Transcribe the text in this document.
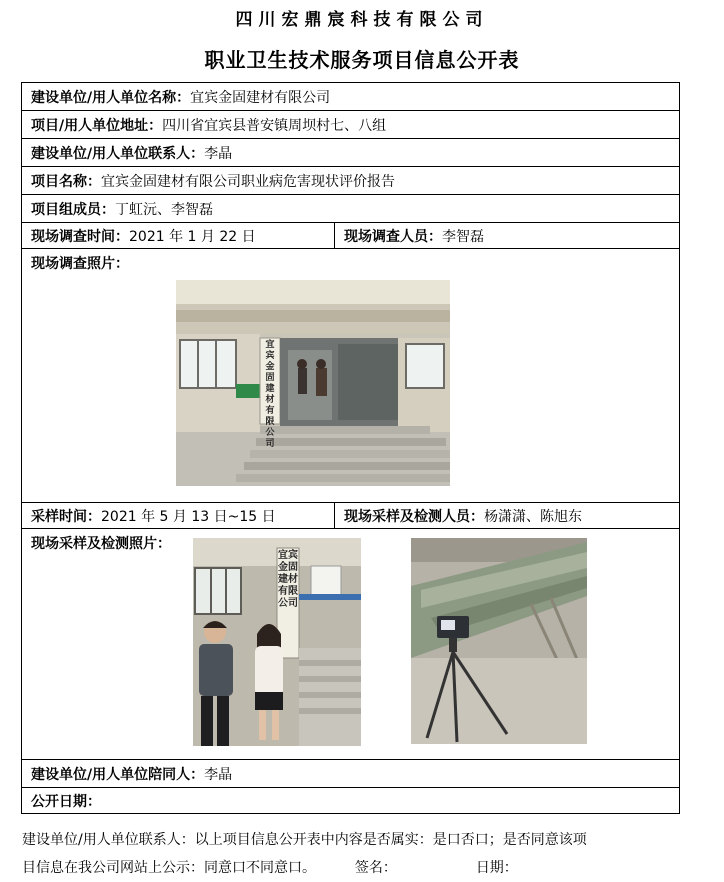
四川宏鼎宸科技有限公司
职业卫生技术服务项目信息公开表
建设单位/用人单位名称：宜宾金固建材有限公司	
项目/用人单位地址：四川省宜宾县普安镇周坝村七、八组	
建设单位/用人单位联系人：李晶	
项目名称：宜宾金固建材有限公司职业病危害现状评价报告	
项目组成员：丁虹沅、李智磊	
现场调查时间：2021 年 1 月 22 日	现场调查人员：李智磊
现场调查照片：
宜宾金固建材有限公司	

采样时间：2021 年 5 月 13 日~15 日	现场采样及检测人员：杨潇潇、陈旭东
现场采样及检测照片：
宜宾金固建材有限公司	

建设单位/用人单位陪同人：李晶	
公开日期：	
建设单位/用人单位联系人：以上项目信息公开表中内容是否属实：是口否口；是否同意该项
目信息在我公司网站上公示：同意口不同意口。	签名：	日期：
